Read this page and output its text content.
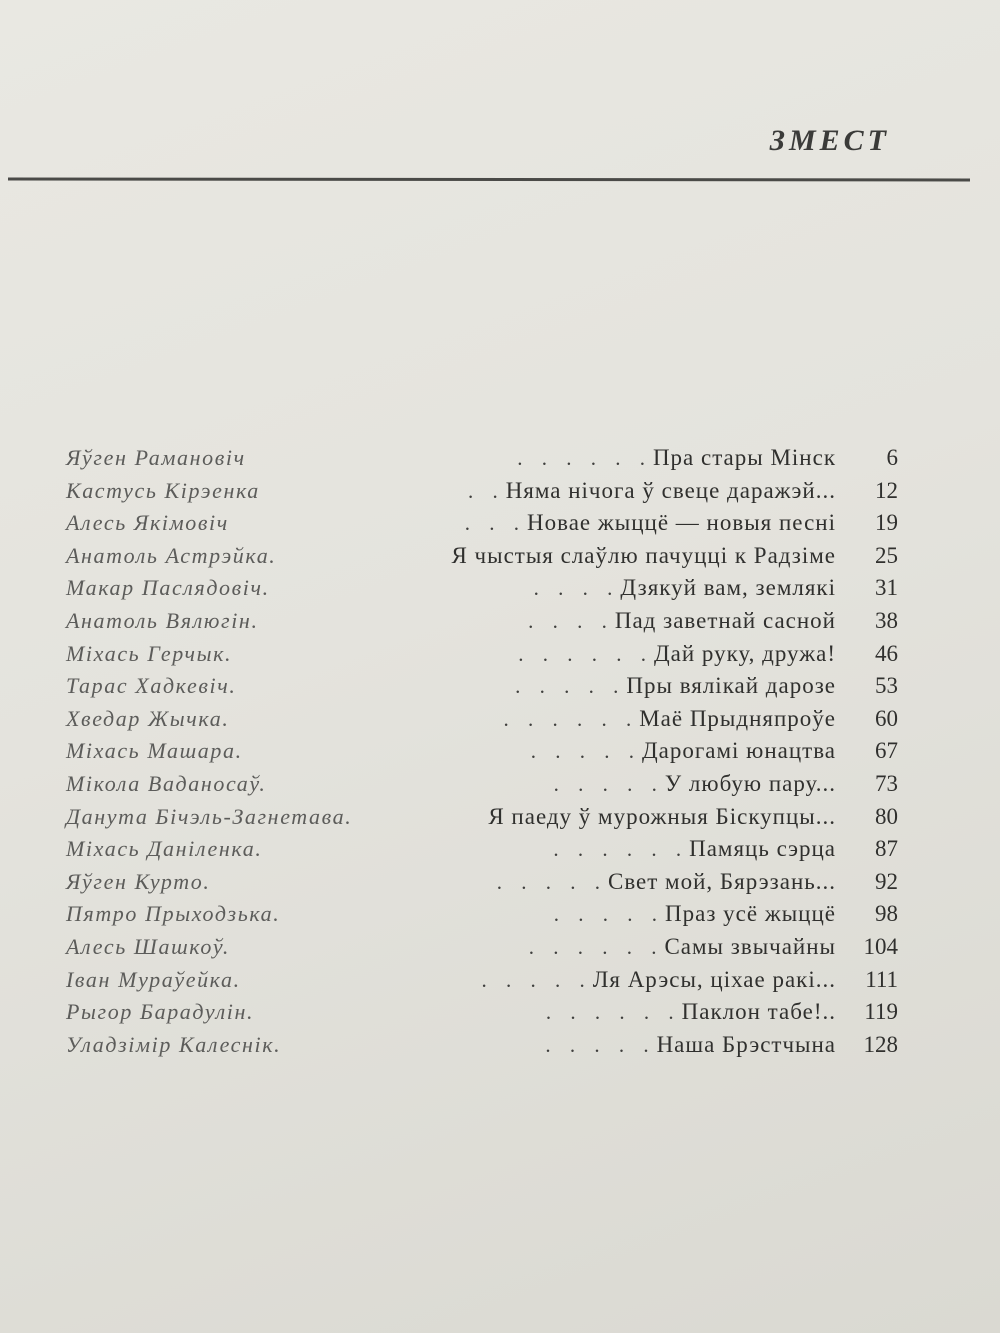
ЗМЕСТ
Яўген Рамановіч	. . . . . . Пра стары Мінск	6
Кастусь Кірэенка	. . Няма нічога ў свеце даражэй...	12
Алесь Якімовіч	. . . Новае жыццё — новыя песні	19
Анатоль Астрэйка.	Я чыстыя слаўлю пачуццi к Радзіме	25
Макар Паслядовіч.	. . . . Дзякуй вам, землякі	31
Анатоль Вялюгін.	. . . . Пад заветнай сасной	38
Міхась Герчык.	. . . . . . Дай руку, дружа!	46
Тарас Хадкевіч.	. . . . . Пры вялікай дарозе	53
Хведар Жычка.	. . . . . . Маё Прыдняпроўе	60
Міхась Машара.	. . . . . Дарогамі юнацтва	67
Мікола Ваданосаў.	. . . . . У любую пару...	73
Данута Бічэль-Загнетава.	Я паеду ў мурожныя Біскупцы...	80
Міхась Даніленка.	. . . . . . Памяць сэрца	87
Яўген Курто.	. . . . . Свет мой, Бярэзань...	92
Пятро Прыходзька.	. . . . . Праз усё жыццё	98
Алесь Шашкоў.	. . . . . . Самы звычайны	104
Іван Мураўейка.	. . . . . Ля Арэсы, ціхае ракі...	111
Рыгор Барадулін.	. . . . . . Паклон табе!..	119
Уладзімір Калеснік.	. . . . . Наша Брэстчына	128
